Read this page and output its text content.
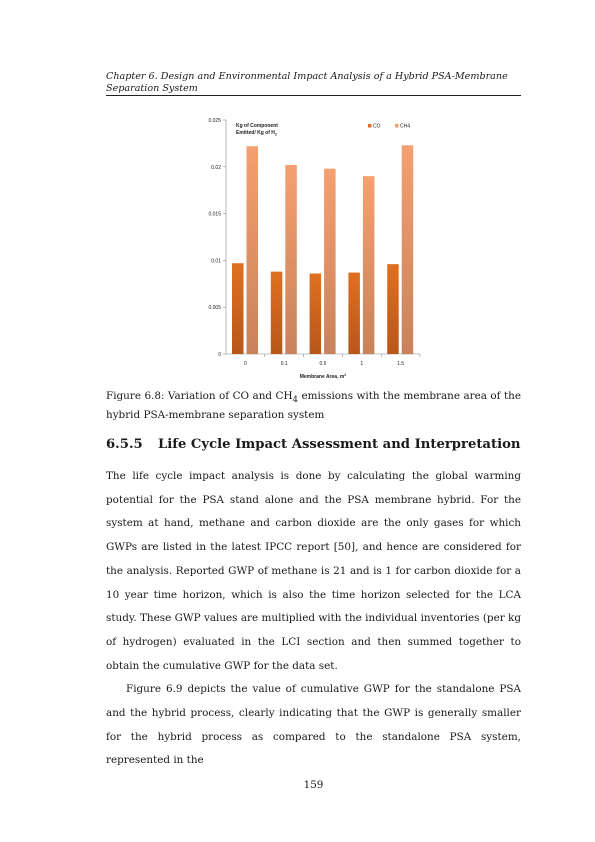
Chapter 6. Design and Environmental Impact Analysis of a Hybrid PSA-Membrane
Separation System
0
0.005
0.01
0.015
0.02
0.025
0	0.1	0.5	1	1.5
Membrane Area, $m^2$
Kg of Component
Emitted/ Kg of $H_2$
CO	CH4
Figure 6.8: Variation of CO and $CH_4$ emissions with the membrane area of the hybrid PSA-membrane separation system
6.5.5 Life Cycle Impact Assessment and Interpretation

The life cycle impact analysis is done by calculating the global warming potential for the PSA stand alone and the PSA membrane hybrid. For the system at hand, methane and carbon dioxide are the only gases for which GWPs are listed in the latest IPCC report [50], and hence are considered for the analysis. Reported GWP of methane is 21 and is 1 for carbon dioxide for a 10 year time horizon, which is also the time horizon selected for the LCA study. These GWP values are multiplied with the individual inventories (per kg of hydrogen) evaluated in the LCI section and then summed together to obtain the cumulative GWP for the data set.

Figure 6.9 depicts the value of cumulative GWP for the standalone PSA and the hybrid process, clearly indicating that the GWP is generally smaller for the hybrid process as compared to the standalone PSA system, represented in the

159
